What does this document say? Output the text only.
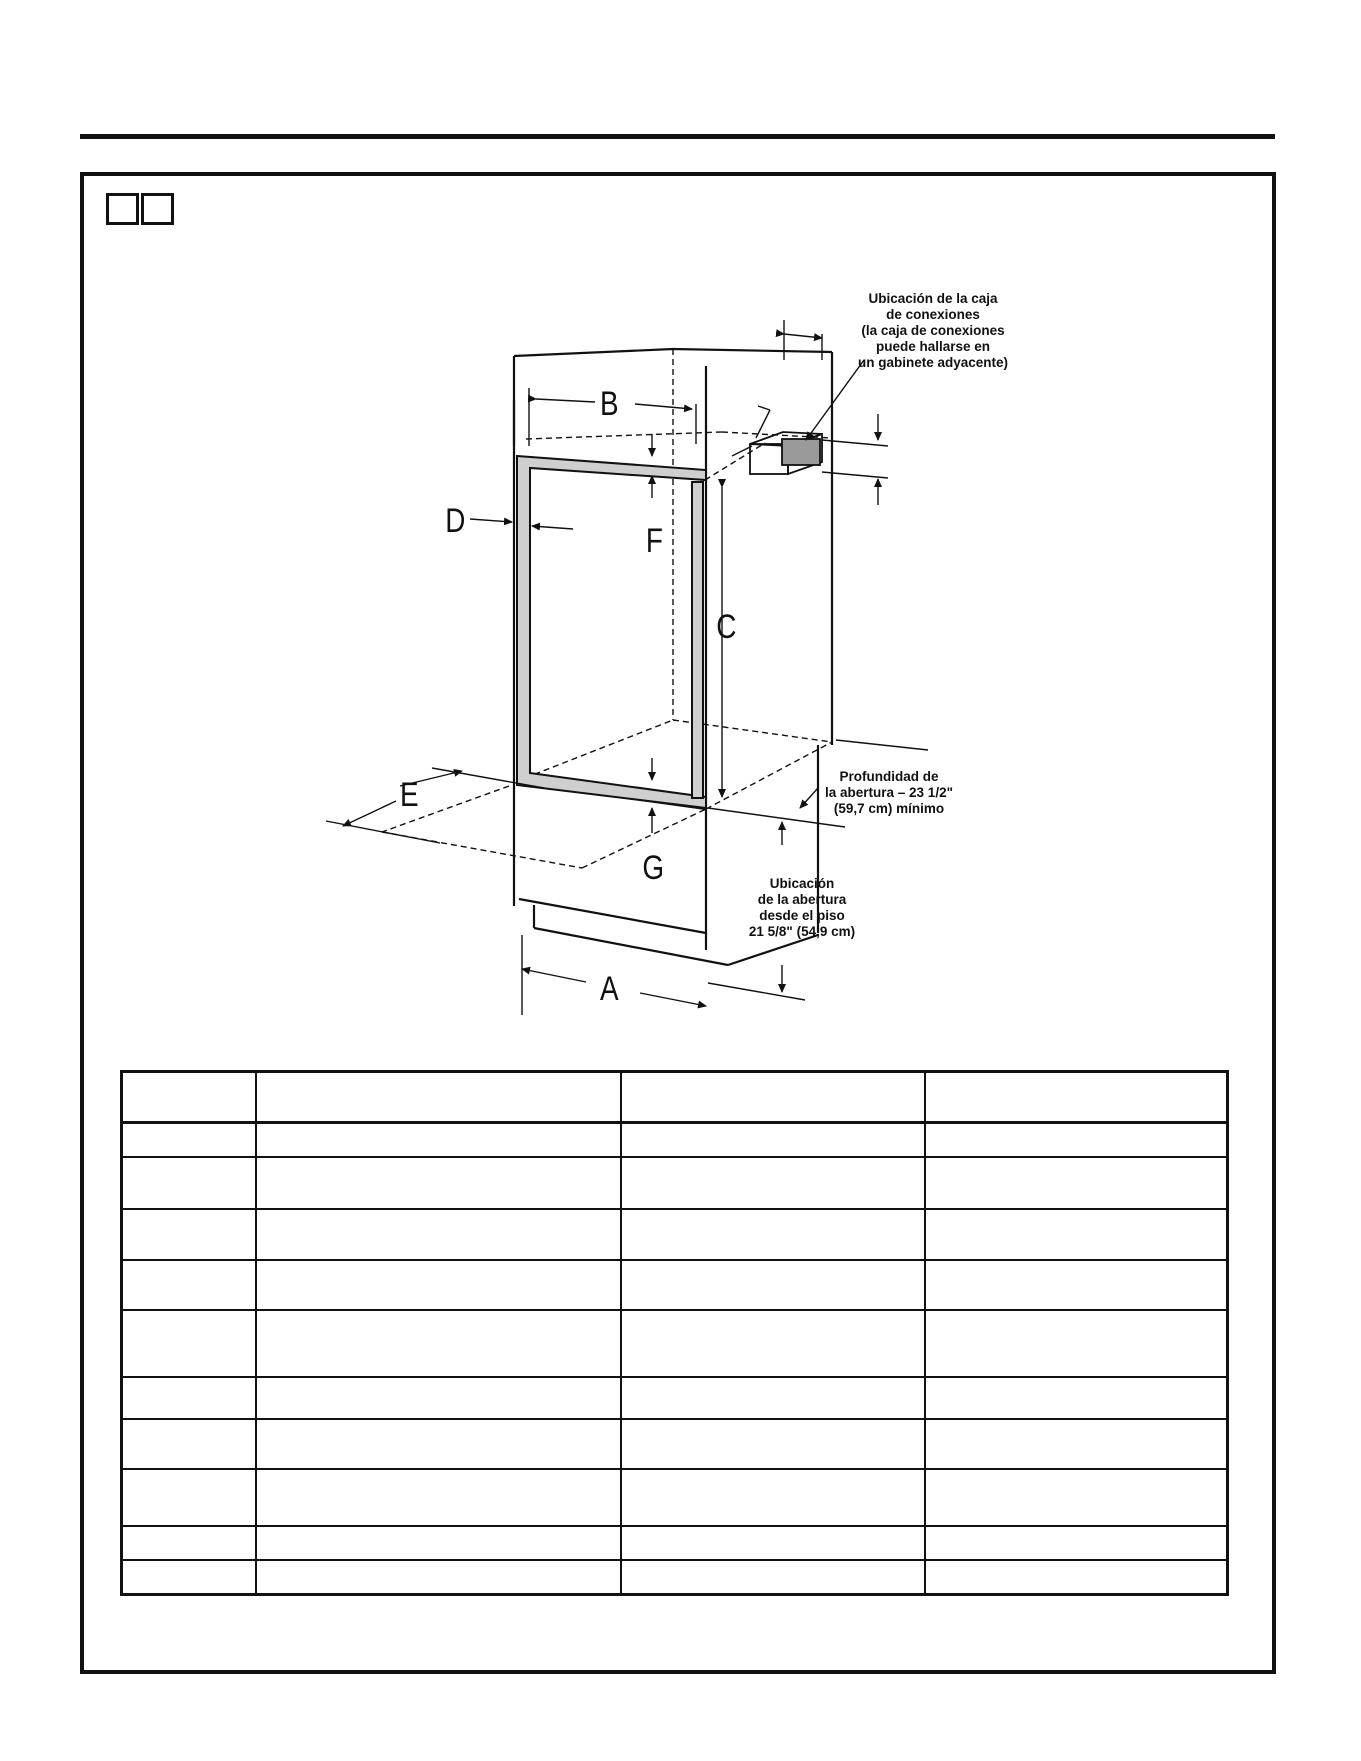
B
D
F
C
E
G
A
Ubicación de la caja
de conexiones
(la caja de conexiones
puede hallarse en
un gabinete adyacente)
Profundidad de
la abertura – 23 1/2"
(59,7 cm) mínimo
Ubicación
de la abertura
desde el piso
21 5/8" (54,9 cm)
